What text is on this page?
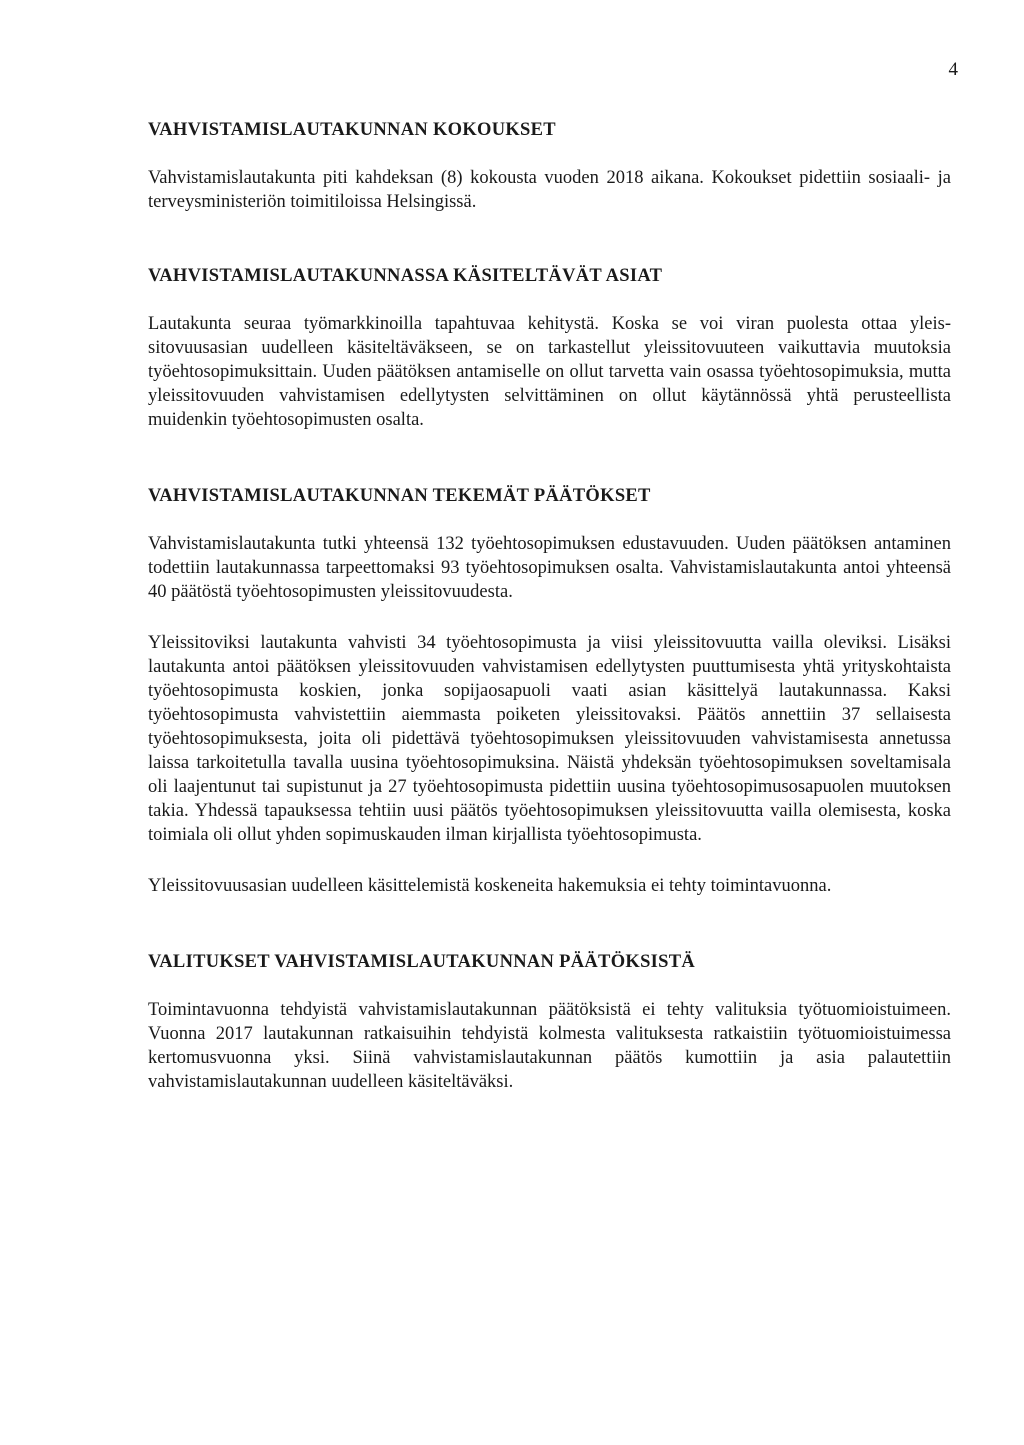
4
VAHVISTAMISLAUTAKUNNAN KOKOUKSET

Vahvistamislautakunta piti kahdeksan (8) kokousta vuoden 2018 aikana. Kokoukset pidettiin sosiaali- ja terveysministeriön toimitiloissa Helsingissä.

VAHVISTAMISLAUTAKUNNASSA KÄSITELTÄVÄT ASIAT

Lautakunta seuraa työmarkkinoilla tapahtuvaa kehitystä. Koska se voi viran puolesta ottaa yleissitovuusasian uudelleen käsiteltäväkseen, se on tarkastellut yleissitovuuteen vaikuttavia muutoksia työehtosopimuksittain. Uuden päätöksen antamiselle on ollut tarvetta vain osassa työehtosopimuksia, mutta yleissitovuuden vahvistamisen edellytysten selvittäminen on ollut käytännössä yhtä perusteellista muidenkin työehtosopimusten osalta.

VAHVISTAMISLAUTAKUNNAN TEKEMÄT PÄÄTÖKSET

Vahvistamislautakunta tutki yhteensä 132 työehtosopimuksen edustavuuden. Uuden päätöksen antaminen todettiin lautakunnassa tarpeettomaksi 93 työehtosopimuksen osalta. Vahvistamislautakunta antoi yhteensä 40 päätöstä työehtosopimusten yleissitovuudesta.

Yleissitoviksi lautakunta vahvisti 34 työehtosopimusta ja viisi yleissitovuutta vailla oleviksi. Lisäksi lautakunta antoi päätöksen yleissitovuuden vahvistamisen edellytysten puuttumisesta yhtä yrityskohtaista työehtosopimusta koskien, jonka sopijaosapuoli vaati asian käsittelyä lautakunnassa. Kaksi työehtosopimusta vahvistettiin aiemmasta poiketen yleissitovaksi. Päätös annettiin 37 sellaisesta työehtosopimuksesta, joita oli pidettävä työehtosopimuksen yleissitovuuden vahvistamisesta annetussa laissa tarkoitetulla tavalla uusina työehtosopimuksina. Näistä yhdeksän työehtosopimuksen soveltamisala oli laajentunut tai supistunut ja 27 työehtosopimusta pidettiin uusina työehtosopimusosapuolen muutoksen takia. Yhdessä tapauksessa tehtiin uusi päätös työehtosopimuksen yleissitovuutta vailla olemisesta, koska toimiala oli ollut yhden sopimuskauden ilman kirjallista työehtosopimusta.

Yleissitovuusasian uudelleen käsittelemistä koskeneita hakemuksia ei tehty toimintavuonna.

VALITUKSET VAHVISTAMISLAUTAKUNNAN PÄÄTÖKSISTÄ

Toimintavuonna tehdyistä vahvistamislautakunnan päätöksistä ei tehty valituksia työtuomioistuimeen. Vuonna 2017 lautakunnan ratkaisuihin tehdyistä kolmesta valituksesta ratkaistiin työtuomioistuimessa kertomusvuonna yksi. Siinä vahvistamislautakunnan päätös kumottiin ja asia palautettiin vahvistamislautakunnan uudelleen käsiteltäväksi.
